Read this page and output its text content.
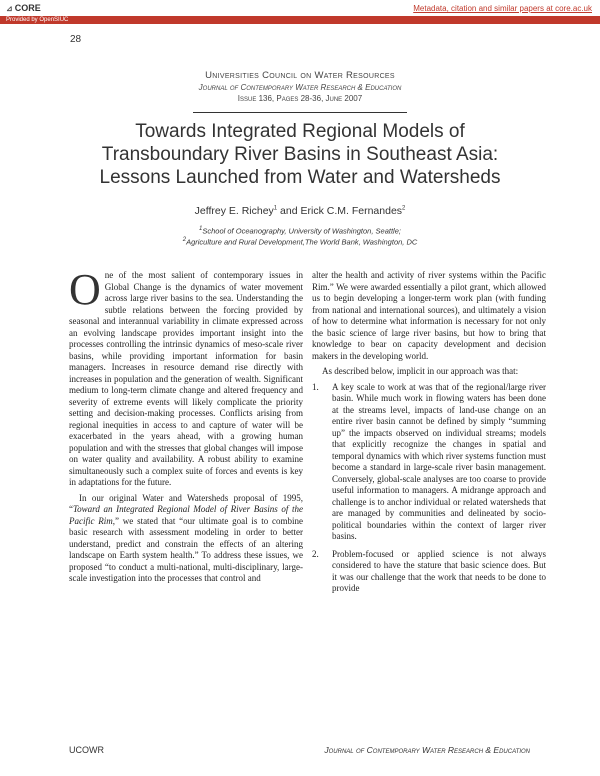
⊿ CORE	Metadata, citation and similar papers at core.ac.uk
Provided by OpenSIUC
28
Universities Council on Water Resources
Journal of Contemporary Water Research & Education
Issue 136, Pages 28-36, June 2007
Towards Integrated Regional Models of
Transboundary River Basins in Southeast Asia:
Lessons Launched from Water and Watersheds
Jeffrey E. Richey$^1$ and Erick C.M. Fernandes$^2$
$^1$School of Oceanography, University of Washington, Seattle;
$^2$Agriculture and Rural Development,The World Bank, Washington, DC

One of the most salient of contemporary issues in Global Change is the dynamics of water movement across large river basins to the sea. Understanding the subtle relations between the forcing provided by seasonal and interannual variability in climate expressed across an evolving landscape provides important insight into the processes controlling the intrinsic dynamics of meso-scale river basins, while providing important information for basin managers. Increases in resource demand rise directly with increases in population and the generation of wealth. Significant medium to long-term climate change and altered frequency and severity of extreme events will likely complicate the priority setting and decision-making processes. Conflicts arising from regional inequities in access to and capture of water will be exacerbated in the years ahead, with a growing human population and with the stresses that global changes will impose on water quality and availability. A robust ability to examine simultaneously such a complex suite of forces and events is key in adaptations for the future.

In our original Water and Watersheds proposal of 1995, “Toward an Integrated Regional Model of River Basins of the Pacific Rim,” we stated that “our ultimate goal is to combine basic research with assessment modeling in order to better understand, predict and constrain the effects of an altering landscape on Earth system health.” To address these issues, we proposed “to conduct a multi-national, multi-disciplinary, large-scale investigation into the processes that control and

alter the health and activity of river systems within the Pacific Rim.” We were awarded essentially a pilot grant, which allowed us to begin developing a longer-term work plan (with funding from national and international sources), and ultimately a vision of how to determine what information is necessary for not only the basic science of large river basins, but how to bring that knowledge to bear on capacity development and decision makers in the developing world.

As described below, implicit in our approach was that:

1. A key scale to work at was that of the regional/large river basin. While much work in flowing waters has been done at the streams level, impacts of land-use change on an entire river basin cannot be defined by simply “summing up” the impacts observed on individual streams; models that explicitly recognize the changes in spatial and temporal dynamics with which river systems function must become a standard in large-scale river basin management. Conversely, global-scale analyses are too coarse to provide useful information to managers. A midrange approach and challenge is to anchor individual or related watersheds that are managed by communities and delineated by socio-political boundaries within the context of larger river basins.
2. Problem-focused or applied science is not always considered to have the stature that basic science does. But it was our challenge that the work that needs to be done to provide
UCOWR	Journal of Contemporary Water Research & Education
